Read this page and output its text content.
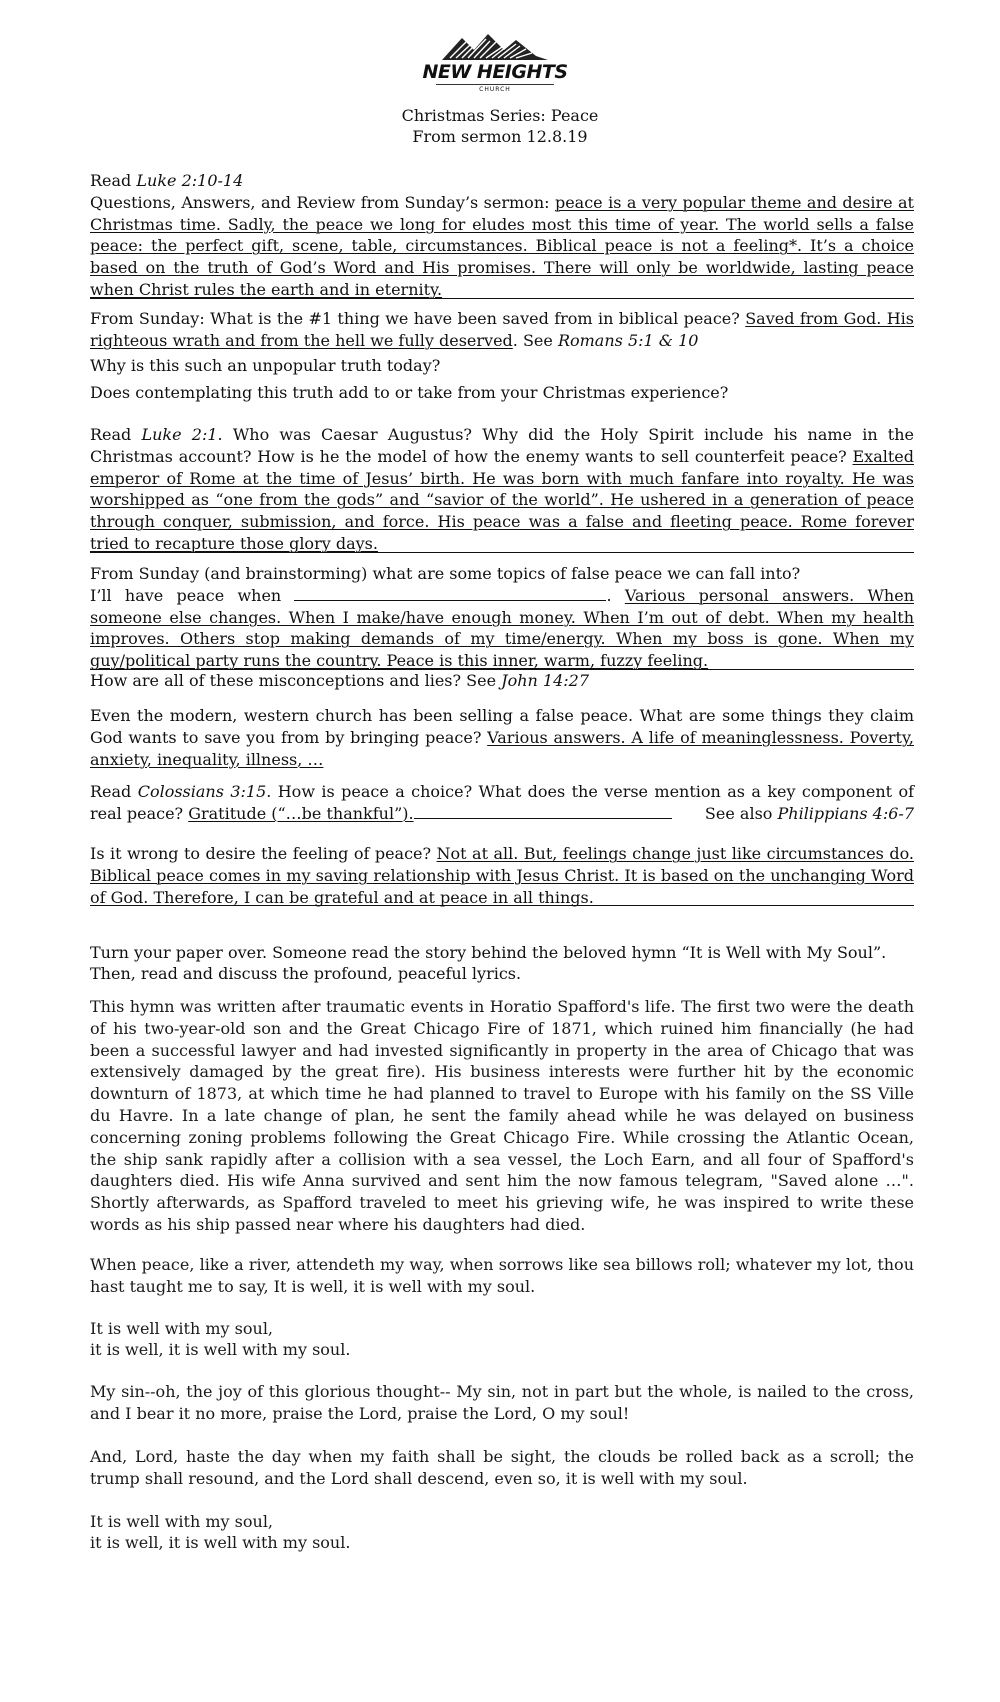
NEW HEIGHTS
CHURCH
Christmas Series: Peace
From sermon 12.8.19

Read Luke 2:10-14

Questions, Answers, and Review from Sunday’s sermon: peace is a very popular theme and desire at Christmas time. Sadly, the peace we long for eludes most this time of year. The world sells a false peace: the perfect gift, scene, table, circumstances. Biblical peace is not a feeling*. It’s a choice based on the truth of God’s Word and His promises. There will only be worldwide, lasting peace when Christ rules the earth and in eternity.

From Sunday: What is the #1 thing we have been saved from in biblical peace? Saved from God. His righteous wrath and from the hell we fully deserved. See Romans 5:1 & 10

Why is this such an unpopular truth today?
Does contemplating this truth add to or take from your Christmas experience?

Read Luke 2:1. Who was Caesar Augustus? Why did the Holy Spirit include his name in the Christmas account? How is he the model of how the enemy wants to sell counterfeit peace? Exalted emperor of Rome at the time of Jesus’ birth. He was born with much fanfare into royalty. He was worshipped as “one from the gods” and “savior of the world”. He ushered in a generation of peace through conquer, submission, and force. His peace was a false and fleeting peace. Rome forever tried to recapture those glory days.

From Sunday (and brainstorming) what are some topics of false peace we can fall into?

I’ll have peace when	. Various personal answers. When someone else changes. When I make/have enough money. When I’m out of debt. When my health improves. Others stop making demands of my time/energy. When my boss is gone. When my guy/political party runs the country. Peace is this inner, warm, fuzzy feeling.

How are all of these misconceptions and lies? See John 14:27

Even the modern, western church has been selling a false peace. What are some things they claim God wants to save you from by bringing peace? Various answers. A life of meaninglessness. Poverty, anxiety, inequality, illness, …

Read Colossians 3:15. How is peace a choice? What does the verse mention as a key component of real peace? Gratitude (“…be thankful”).	See also Philippians 4:6-7

Is it wrong to desire the feeling of peace? Not at all. But, feelings change just like circumstances do. Biblical peace comes in my saving relationship with Jesus Christ. It is based on the unchanging Word of God. Therefore, I can be grateful and at peace in all things.

Turn your paper over. Someone read the story behind the beloved hymn “It is Well with My Soul”.
Then, read and discuss the profound, peaceful lyrics.
This hymn was written after traumatic events in Horatio Spafford's life. The first two were the death of his two-year-old son and the Great Chicago Fire of 1871, which ruined him financially (he had been a successful lawyer and had invested significantly in property in the area of Chicago that was extensively damaged by the great fire). His business interests were further hit by the economic downturn of 1873, at which time he had planned to travel to Europe with his family on the SS Ville du Havre. In a late change of plan, he sent the family ahead while he was delayed on business concerning zoning problems following the Great Chicago Fire. While crossing the Atlantic Ocean, the ship sank rapidly after a collision with a sea vessel, the Loch Earn, and all four of Spafford's daughters died. His wife Anna survived and sent him the now famous telegram, "Saved alone …". Shortly afterwards, as Spafford traveled to meet his grieving wife, he was inspired to write these words as his ship passed near where his daughters had died.
When peace, like a river, attendeth my way, when sorrows like sea billows roll; whatever my lot, thou hast taught me to say, It is well, it is well with my soul.
It is well with my soul,
it is well, it is well with my soul.
My sin--oh, the joy of this glorious thought-- My sin, not in part but the whole, is nailed to the cross, and I bear it no more, praise the Lord, praise the Lord, O my soul!
And, Lord, haste the day when my faith shall be sight, the clouds be rolled back as a scroll; the trump shall resound, and the Lord shall descend, even so, it is well with my soul.
It is well with my soul,
it is well, it is well with my soul.
